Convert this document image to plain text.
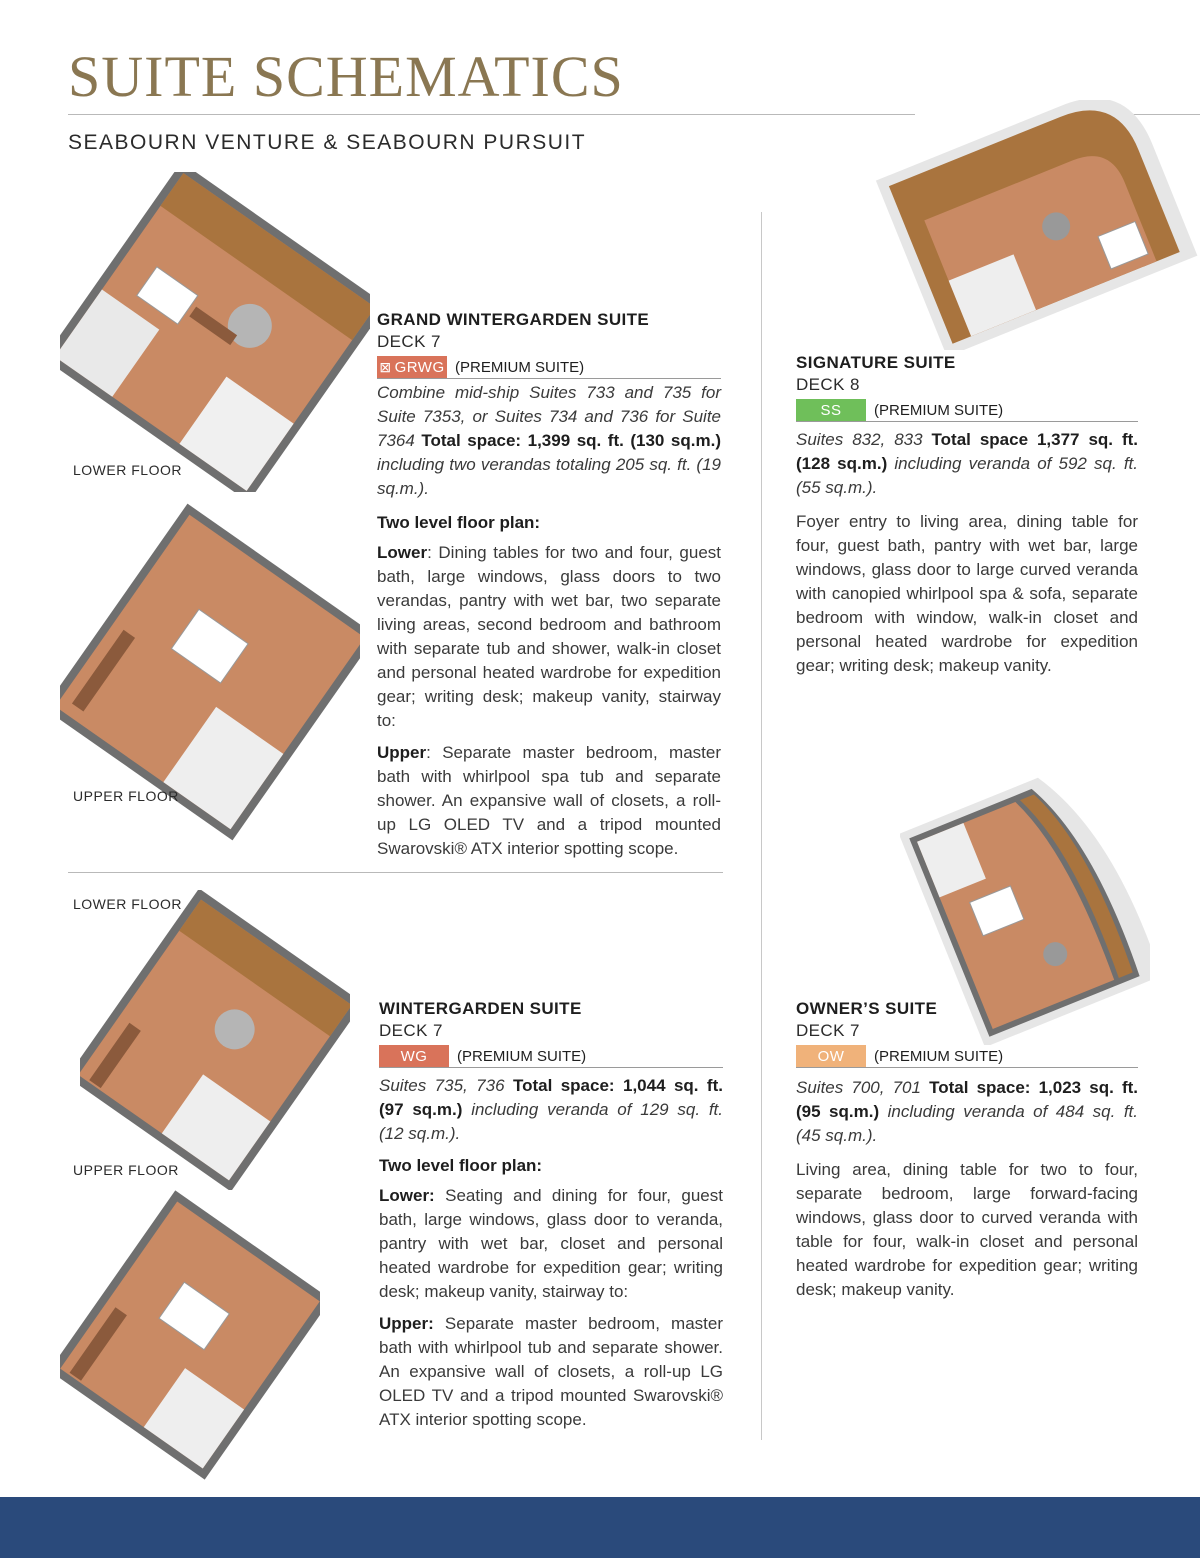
SUITE SCHEMATICS
SEABOURN VENTURE & SEABOURN PURSUIT
LOWER FLOOR
UPPER FLOOR
GRAND WINTERGARDEN SUITE
DECK 7
⊠ GRWG (PREMIUM SUITE)
Combine mid-ship Suites 733 and 735 for Suite 7353, or Suites 734 and 736 for Suite 7364 Total space: 1,399 sq. ft. (130 sq.m.) including two verandas totaling 205 sq. ft. (19 sq.m.).
Two level floor plan:
Lower: Dining tables for two and four, guest bath, large windows, glass doors to two verandas, pantry with wet bar, two separate living areas, second bedroom and bathroom with separate tub and shower, walk-in closet and personal heated wardrobe for expedition gear; writing desk; makeup vanity, stairway to:
Upper: Separate master bedroom, master bath with whirlpool spa tub and separate shower. An expansive wall of closets, a roll-up LG OLED TV and a tripod mounted Swarovski® ATX interior spotting scope.
SIGNATURE SUITE
DECK 8
SS	(PREMIUM SUITE)
Suites 832, 833 Total space 1,377 sq. ft. (128 sq.m.) including veranda of 592 sq. ft. (55 sq.m.).
Foyer entry to living area, dining table for four, guest bath, pantry with wet bar, large windows, glass door to large curved veranda with canopied whirlpool spa & sofa, separate bedroom with window, walk-in closet and personal heated wardrobe for expedition gear; writing desk; makeup vanity.
LOWER FLOOR
UPPER FLOOR
WINTERGARDEN SUITE
DECK 7
WG	(PREMIUM SUITE)
Suites 735, 736 Total space: 1,044 sq. ft. (97 sq.m.) including veranda of 129 sq. ft. (12 sq.m.).
Two level floor plan:
Lower: Seating and dining for four, guest bath, large windows, glass door to veranda, pantry with wet bar, closet and personal heated wardrobe for expedition gear; writing desk; makeup vanity, stairway to:
Upper: Separate master bedroom, master bath with whirlpool tub and separate shower. An expansive wall of closets, a roll-up LG OLED TV and a tripod mounted Swarovski® ATX interior spotting scope.
OWNER’S SUITE
DECK 7
OW	(PREMIUM SUITE)
Suites 700, 701 Total space: 1,023 sq. ft. (95 sq.m.) including veranda of 484 sq. ft. (45 sq.m.).
Living area, dining table for two to four, separate bedroom, large forward-facing windows, glass door to curved veranda with table for four, walk-in closet and personal heated wardrobe for expedition gear; writing desk; makeup vanity.
